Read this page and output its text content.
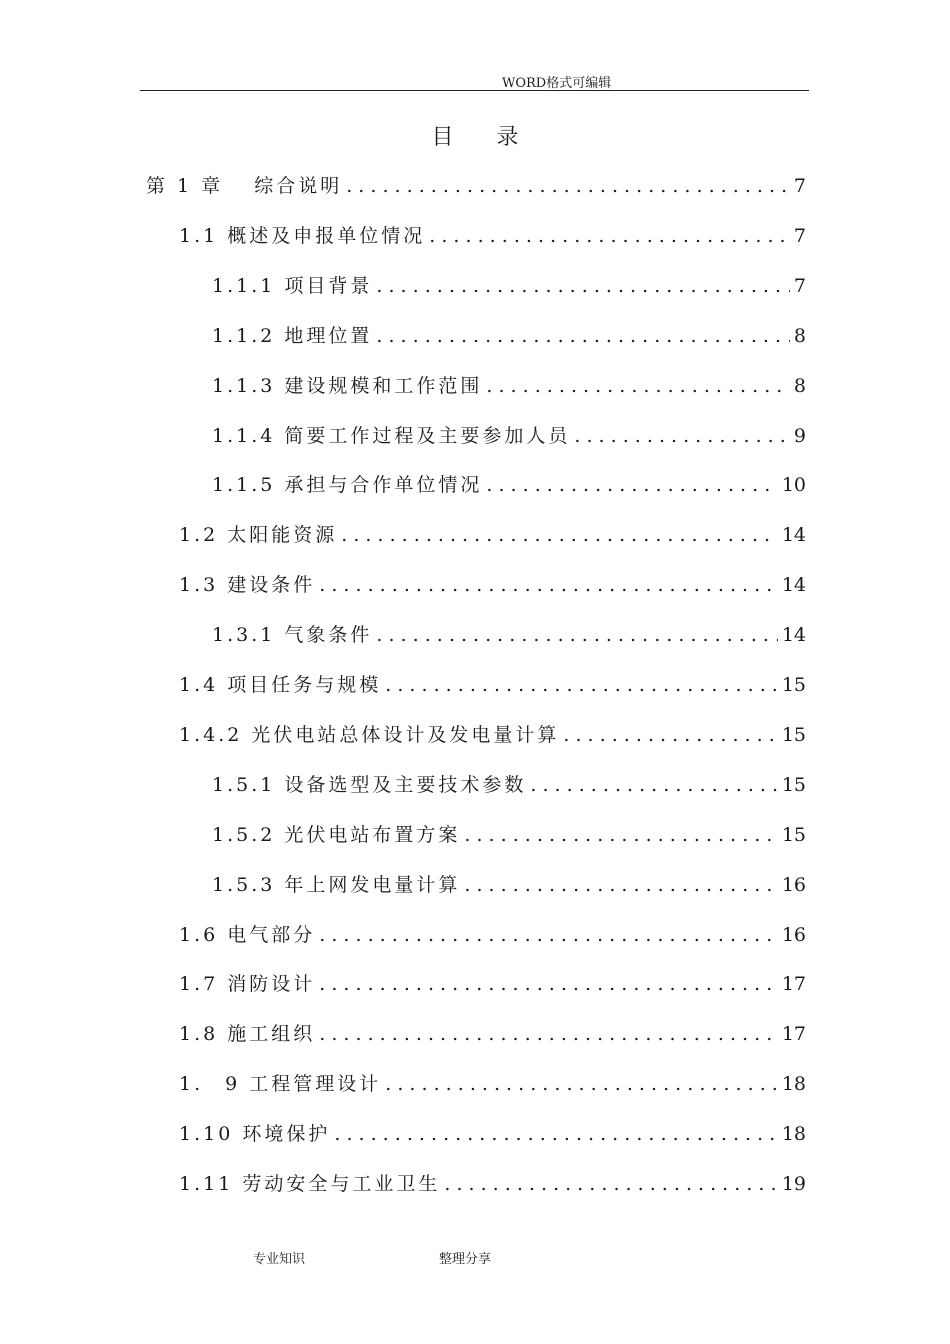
WORD格式可编辑
目 录
第 1 章　 综合说明 . . .	7
1.1 概述及申报单位情况 . . .	7
1.1.1 项目背景 . . .	7
1.1.2 地理位置 . . .	8
1.1.3 建设规模和工作范围 . . .	8
1.1.4 简要工作过程及主要参加人员 . . .	9
1.1.5 承担与合作单位情况 . . .	10
1.2 太阳能资源 . . .	14
1.3 建设条件 . . .	14
1.3.1 气象条件 . . .	14
1.4 项目任务与规模 . . .	15
1.4.2 光伏电站总体设计及发电量计算 . . .	15
1.5.1 设备选型及主要技术参数 . . .	15
1.5.2 光伏电站布置方案 . . .	15
1.5.3 年上网发电量计算 . . .	16
1.6 电气部分 . . .	16
1.7 消防设计 . . .	17
1.8 施工组织 . . .	17
1.　9 工程管理设计 . . .	18
1.10 环境保护 . . .	18
1.11 劳动安全与工业卫生 . . .	19
专业知识	整理分享
